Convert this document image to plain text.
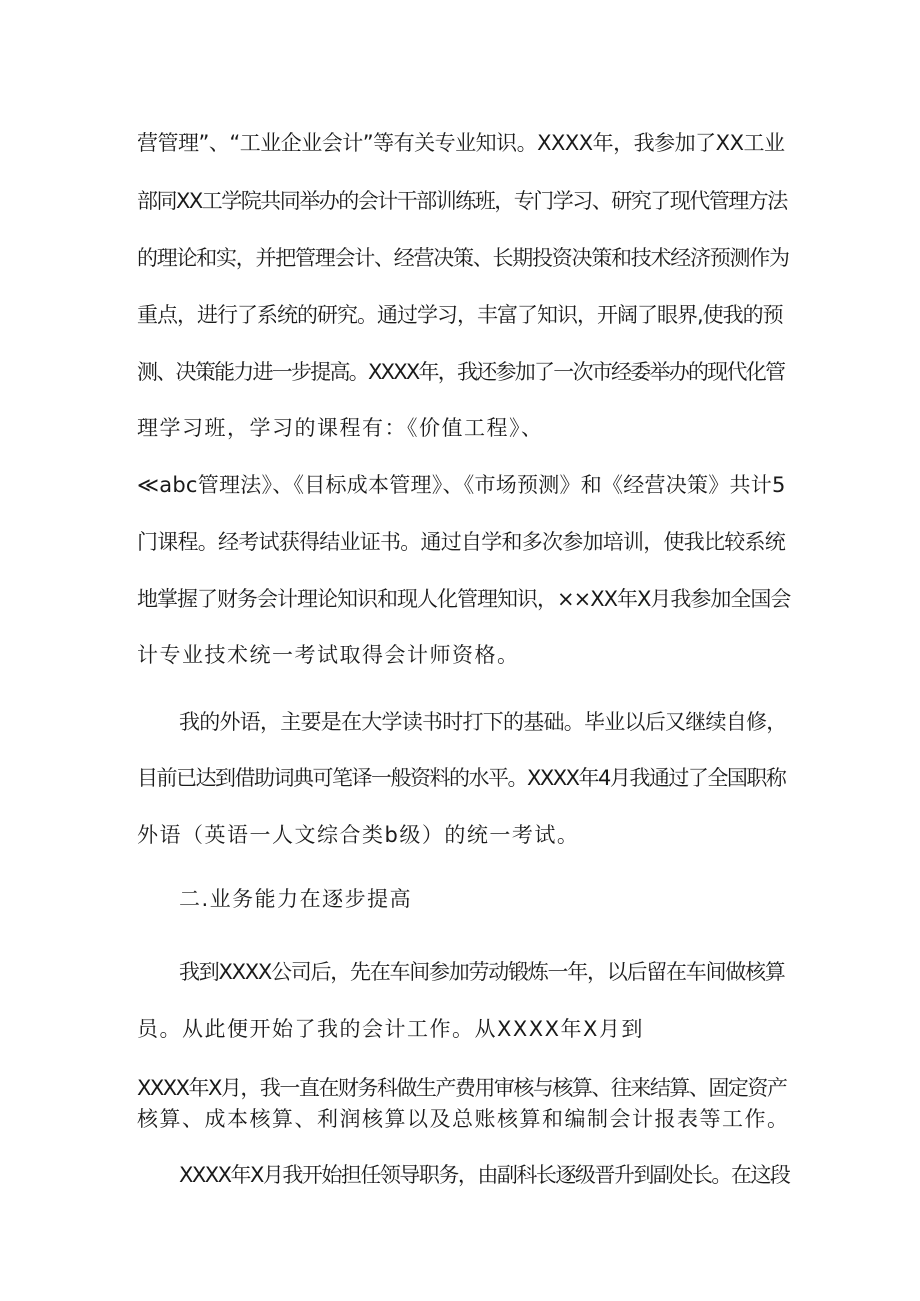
营管理”、“工业企业会计”等有关专业知识。XXXX年，我参加了XX工业

部同XX工学院共同举办的会计干部训练班，专门学习、研究了现代管理方法

的理论和实，并把管理会计、经营决策、长期投资决策和技术经济预测作为

重点，进行了系统的研究。通过学习，丰富了知识，开阔了眼界,使我的预

测、决策能力进一步提高。XXXX年，我还参加了一次市经委举办的现代化管

理学习班，学习的课程有：《价值工程》、

≪abc管理法》、《目标成本管理》、《市场预测》和《经营决策》共计5

门课程。经考试获得结业证书。通过自学和多次参加培训，使我比较系统

地掌握了财务会计理论知识和现人化管理知识，××XX年X月我参加全国会

计专业技术统一考试取得会计师资格。

我的外语，主要是在大学读书时打下的基础。毕业以后又继续自修，

目前已达到借助词典可笔译一般资料的水平。XXXX年4月我通过了全国职称

外语（英语一人文综合类b级）的统一考试。

二.业务能力在逐步提高

我到XXXX公司后，先在车间参加劳动锻炼一年，以后留在车间做核算

员。从此便开始了我的会计工作。从XXXX年X月到

XXXX年X月，我一直在财务科做生产费用审核与核算、往来结算、固定资产

核算、成本核算、利润核算以及总账核算和编制会计报表等工作。

XXXX年X月我开始担任领导职务，由副科长逐级晋升到副处长。在这段
